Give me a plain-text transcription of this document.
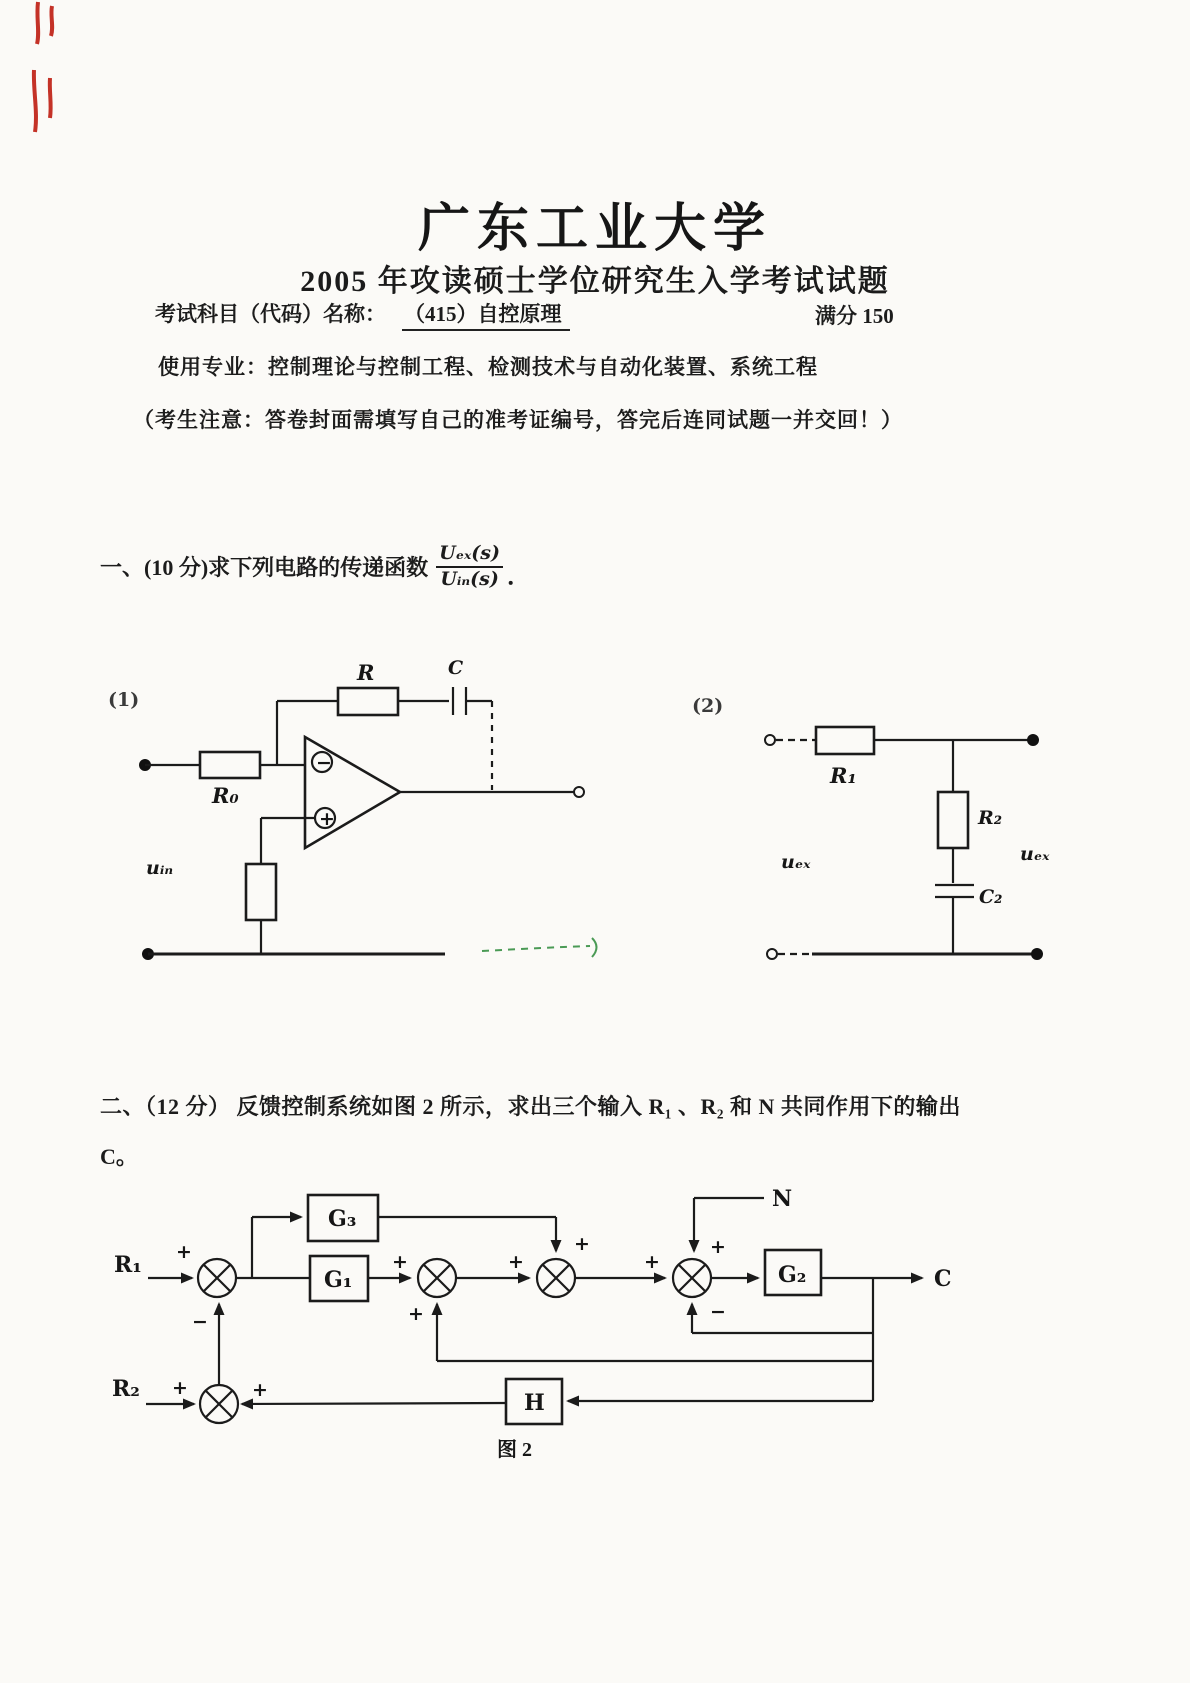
广东工业大学
2005 年攻读硕士学位研究生入学考试试题
考试科目（代码）名称： （415）自控原理	满分 150
使用专业：控制理论与控制工程、检测技术与自动化装置、系统工程
（考生注意：答卷封面需填写自己的准考证编号，答完后连同试题一并交回！）
一、(10 分)求下列电路的传递函数 $\frac{\text{Uₑₓ(s)}}{\text{Uᵢₙ(s)}}$ ．
(1)
R₀
R	C
−
+
uᵢₙ
(2)
R₁
R₂
C₂
uₑₓ	uₑₓ
二、（12 分） 反馈控制系统如图 2 所示，求出三个输入 R₁ 、R₂ 和 N 共同作用下的输出
C。
R₁ +
−
G₃
G₁
+
+	+	+
N
+
G₂	C
−
+
H
+
R₂ +
图 2
